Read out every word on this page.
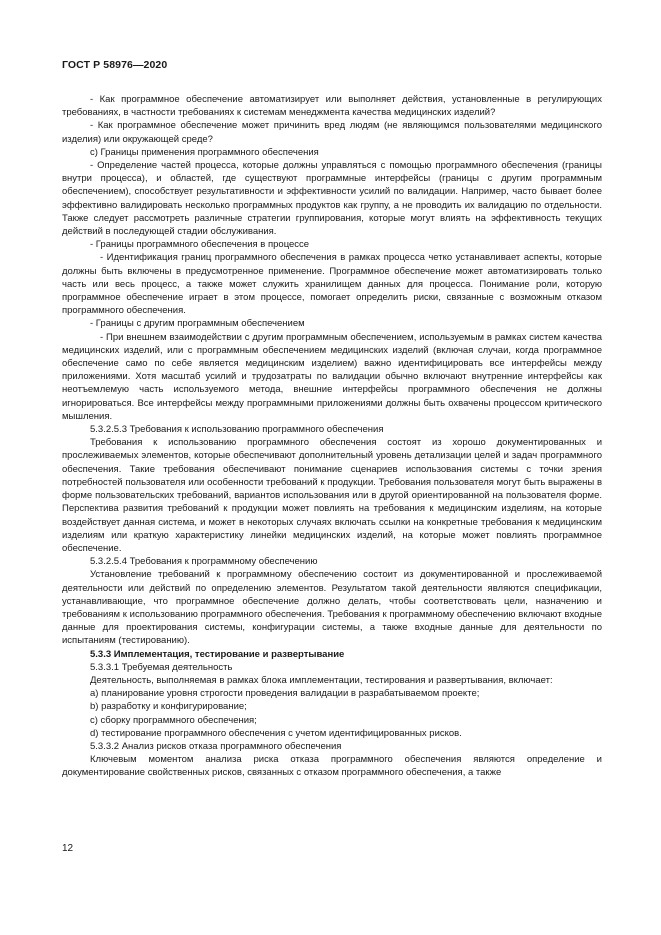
ГОСТ Р 58976—2020

- Как программное обеспечение автоматизирует или выполняет действия, установленные в регулирующих требованиях, в частности требованиях к системам менеджмента качества медицинских изделий?

- Как программное обеспечение может причинить вред людям (не являющимся пользователями медицинского изделия) или окружающей среде?

c) Границы применения программного обеспечения

- Определение частей процесса, которые должны управляться с помощью программного обеспечения (границы внутри процесса), и областей, где существуют программные интерфейсы (границы с другим программным обеспечением), способствует результативности и эффективности усилий по валидации. Например, часто бывает более эффективно валидировать несколько программных продуктов как группу, а не проводить их валидацию по отдельности. Также следует рассмотреть различные стратегии группирования, которые могут влиять на эффективность текущих действий в последующей стадии обслуживания.

- Границы программного обеспечения в процессе

- Идентификация границ программного обеспечения в рамках процесса четко устанавливает аспекты, которые должны быть включены в предусмотренное применение. Программное обеспечение может автоматизировать только часть или весь процесс, а также может служить хранилищем данных для процесса. Понимание роли, которую программное обеспечение играет в этом процессе, помогает определить риски, связанные с возможным отказом программного обеспечения.

- Границы с другим программным обеспечением

- При внешнем взаимодействии с другим программным обеспечением, используемым в рамках систем качества медицинских изделий, или с программным обеспечением медицинских изделий (включая случаи, когда программное обеспечение само по себе является медицинским изделием) важно идентифицировать все интерфейсы между приложениями. Хотя масштаб усилий и трудозатраты по валидации обычно включают внутренние интерфейсы как неотъемлемую часть используемого метода, внешние интерфейсы программного обеспечения не должны игнорироваться. Все интерфейсы между программными приложениями должны быть охвачены процессом критического мышления.

5.3.2.5.3 Требования к использованию программного обеспечения

Требования к использованию программного обеспечения состоят из хорошо документированных и прослеживаемых элементов, которые обеспечивают дополнительный уровень детализации целей и задач программного обеспечения. Такие требования обеспечивают понимание сценариев использования системы с точки зрения потребностей пользователя или особенности требований к продукции. Требования пользователя могут быть выражены в форме пользовательских требований, вариантов использования или в другой ориентированной на пользователя форме. Перспектива развития требований к продукции может повлиять на требования к медицинским изделиям, на которые воздействует данная система, и может в некоторых случаях включать ссылки на конкретные требования к медицинским изделиям или краткую характеристику линейки медицинских изделий, на которые может повлиять программное обеспечение.

5.3.2.5.4 Требования к программному обеспечению

Установление требований к программному обеспечению состоит из документированной и прослеживаемой деятельности или действий по определению элементов. Результатом такой деятельности являются спецификации, устанавливающие, что программное обеспечение должно делать, чтобы соответствовать цели, назначению и требованиям к использованию программного обеспечения. Требования к программному обеспечению включают входные данные для проектирования системы, конфигурации системы, а также входные данные для деятельности по испытаниям (тестированию).

5.3.3 Имплементация, тестирование и развертывание

5.3.3.1 Требуемая деятельность

Деятельность, выполняемая в рамках блока имплементации, тестирования и развертывания, включает:

a) планирование уровня строгости проведения валидации в разрабатываемом проекте;

b) разработку и конфигурирование;

c) сборку программного обеспечения;

d) тестирование программного обеспечения с учетом идентифицированных рисков.

5.3.3.2 Анализ рисков отказа программного обеспечения

Ключевым моментом анализа риска отказа программного обеспечения являются определение и документирование свойственных рисков, связанных с отказом программного обеспечения, а также

12
